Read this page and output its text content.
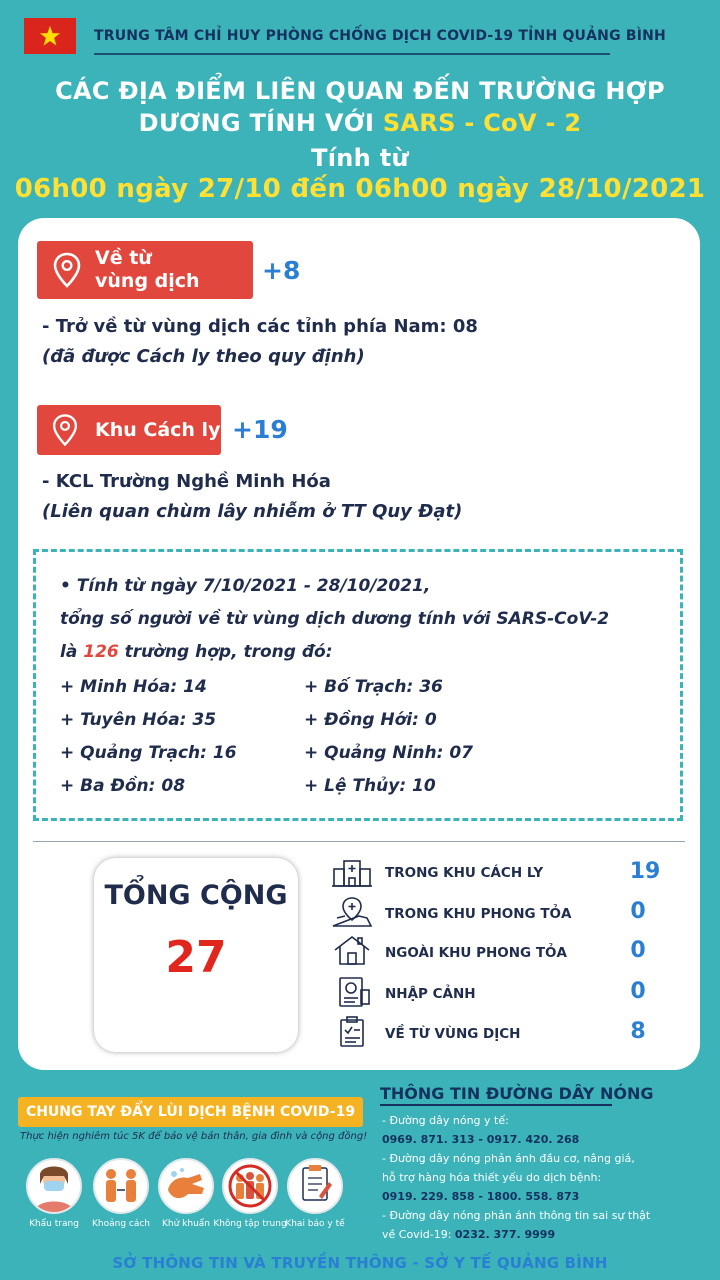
TRUNG TÂM CHỈ HUY PHÒNG CHỐNG DỊCH COVID-19 TỈNH QUẢNG BÌNH
CÁC ĐỊA ĐIỂM LIÊN QUAN ĐẾN TRƯỜNG HỢP
DƯƠNG TÍNH VỚI SARS - CoV - 2
Tính từ
06h00 ngày 27/10 đến 06h00 ngày 28/10/2021
Về từ
vùng dịch +8
- Trở về từ vùng dịch các tỉnh phía Nam: 08
(đã được Cách ly theo quy định)
Khu Cách ly +19
- KCL Trường Nghề Minh Hóa
(Liên quan chùm lây nhiễm ở TT Quy Đạt)
• Tính từ ngày 7/10/2021 - 28/10/2021,
tổng số người về từ vùng dịch dương tính với SARS-CoV-2
là 126 trường hợp, trong đó:
+ Minh Hóa: 14	+ Bố Trạch: 36
+ Tuyên Hóa: 35	+ Đồng Hới: 0
+ Quảng Trạch: 16	+ Quảng Ninh: 07
+ Ba Đồn: 08	+ Lệ Thủy: 10
TỔNG CỘNG
27
TRONG KHU CÁCH LY	19
TRONG KHU PHONG TỎA	0
NGOÀI KHU PHONG TỎA	0
NHẬP CẢNH	0
VỀ TỪ VÙNG DỊCH	8
CHUNG TAY ĐẨY LÙI DỊCH BỆNH COVID-19
Thực hiện nghiêm túc 5K để bảo vệ bản thân, gia đình và cộng đồng!
Khẩu trang	Khoảng cách	Khử khuẩn Không tập trung
Khai báo y tế
THÔNG TIN ĐƯỜNG DÂY NÓNG
- Đường dây nóng y tế:
0969. 871. 313 - 0917. 420. 268
- Đường dây nóng phản ánh đầu cơ, nâng giá,
hỗ trợ hàng hóa thiết yếu do dịch bệnh:
0919. 229. 858 - 1800. 558. 873
- Đường dây nóng phản ánh thông tin sai sự thật
về Covid-19: 0232. 377. 9999
SỞ THÔNG TIN VÀ TRUYỀN THÔNG - SỞ Y TẾ QUẢNG BÌNH
